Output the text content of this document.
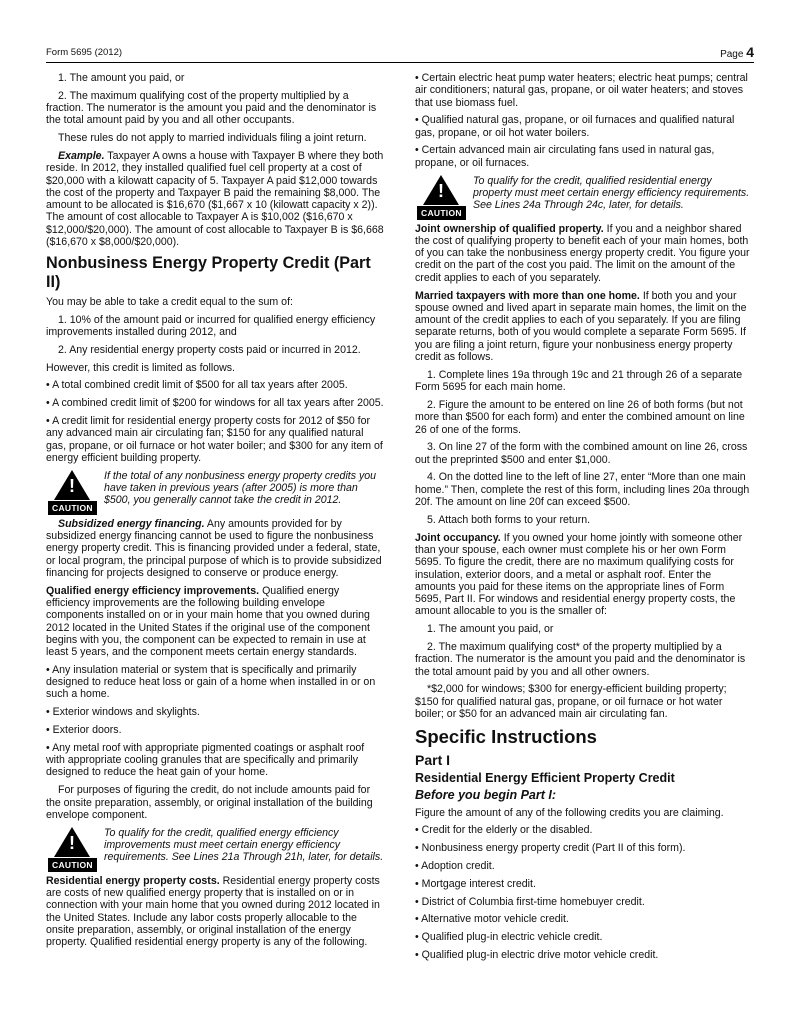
Form 5695 (2012)	Page 4

1. The amount you paid, or

2. The maximum qualifying cost of the property multiplied by a fraction. The numerator is the amount you paid and the denominator is the total amount paid by you and all other occupants.

These rules do not apply to married individuals filing a joint return.

Example. Taxpayer A owns a house with Taxpayer B where they both reside. In 2012, they installed qualified fuel cell property at a cost of $20,000 with a kilowatt capacity of 5. Taxpayer A paid $12,000 towards the cost of the property and Taxpayer B paid the remaining $8,000. The amount to be allocated is $16,670 ($1,667 x 10 (kilowatt capacity x 2)). The amount of cost allocable to Taxpayer A is $10,002 ($16,670 x $12,000/$20,000). The amount of cost allocable to Taxpayer B is $6,668 ($16,670 x $8,000/$20,000).

Nonbusiness Energy Property Credit (Part II)

You may be able to take a credit equal to the sum of:

1. 10% of the amount paid or incurred for qualified energy efficiency improvements installed during 2012, and

2. Any residential energy property costs paid or incurred in 2012.

However, this credit is limited as follows.

• A total combined credit limit of $500 for all tax years after 2005.

• A combined credit limit of $200 for windows for all tax years after 2005.

• A credit limit for residential energy property costs for 2012 of $50 for any advanced main air circulating fan; $150 for any qualified natural gas, propane, or oil furnace or hot water boiler; and $300 for any item of energy efficient building property.

!
CAUTION
If the total of any nonbusiness energy property credits you have taken in previous years (after 2005) is more than $500, you generally cannot take the credit in 2012.

Subsidized energy financing. Any amounts provided for by subsidized energy financing cannot be used to figure the nonbusiness energy property credit. This is financing provided under a federal, state, or local program, the principal purpose of which is to provide subsidized financing for projects designed to conserve or produce energy.

Qualified energy efficiency improvements. Qualified energy efficiency improvements are the following building envelope components installed on or in your main home that you owned during 2012 located in the United States if the original use of the component begins with you, the component can be expected to remain in use at least 5 years, and the component meets certain energy standards.

• Any insulation material or system that is specifically and primarily designed to reduce heat loss or gain of a home when installed in or on such a home.

• Exterior windows and skylights.

• Exterior doors.

• Any metal roof with appropriate pigmented coatings or asphalt roof with appropriate cooling granules that are specifically and primarily designed to reduce the heat gain of your home.

For purposes of figuring the credit, do not include amounts paid for the onsite preparation, assembly, or original installation of the building envelope component.

!
CAUTION
To qualify for the credit, qualified energy efficiency improvements must meet certain energy efficiency requirements. See Lines 21a Through 21h, later, for details.

Residential energy property costs. Residential energy property costs are costs of new qualified energy property that is installed on or in connection with your main home that you owned during 2012 located in the United States. Include any labor costs properly allocable to the onsite preparation, assembly, or original installation of the energy property. Qualified residential energy property is any of the following.

• Certain electric heat pump water heaters; electric heat pumps; central air conditioners; natural gas, propane, or oil water heaters; and stoves that use biomass fuel.

• Qualified natural gas, propane, or oil furnaces and qualified natural gas, propane, or oil hot water boilers.

• Certain advanced main air circulating fans used in natural gas, propane, or oil furnaces.

!
CAUTION
To qualify for the credit, qualified residential energy property must meet certain energy efficiency requirements. See Lines 24a Through 24c, later, for details.

Joint ownership of qualified property. If you and a neighbor shared the cost of qualifying property to benefit each of your main homes, both of you can take the nonbusiness energy property credit. You figure your credit on the part of the cost you paid. The limit on the amount of the credit applies to each of you separately.

Married taxpayers with more than one home. If both you and your spouse owned and lived apart in separate main homes, the limit on the amount of the credit applies to each of you separately. If you are filing separate returns, both of you would complete a separate Form 5695. If you are filing a joint return, figure your nonbusiness energy property credit as follows.

1. Complete lines 19a through 19c and 21 through 26 of a separate Form 5695 for each main home.

2. Figure the amount to be entered on line 26 of both forms (but not more than $500 for each form) and enter the combined amount on line 26 of one of the forms.

3. On line 27 of the form with the combined amount on line 26, cross out the preprinted $500 and enter $1,000.

4. On the dotted line to the left of line 27, enter “More than one main home.” Then, complete the rest of this form, including lines 20a through 20f. The amount on line 20f can exceed $500.

5. Attach both forms to your return.

Joint occupancy. If you owned your home jointly with someone other than your spouse, each owner must complete his or her own Form 5695. To figure the credit, there are no maximum qualifying costs for insulation, exterior doors, and a metal or asphalt roof. Enter the amounts you paid for these items on the appropriate lines of Form 5695, Part II. For windows and residential energy property costs, the amount allocable to you is the smaller of:

1. The amount you paid, or

2. The maximum qualifying cost* of the property multiplied by a fraction. The numerator is the amount you paid and the denominator is the total amount paid by you and all other owners.

*$2,000 for windows; $300 for energy-efficient building property; $150 for qualified natural gas, propane, or oil furnace or hot water boiler; or $50 for an advanced main air circulating fan.

Specific Instructions
Part I
Residential Energy Efficient Property Credit
Before you begin Part I:

Figure the amount of any of the following credits you are claiming.

• Credit for the elderly or the disabled.

• Nonbusiness energy property credit (Part II of this form).

• Adoption credit.

• Mortgage interest credit.

• District of Columbia first-time homebuyer credit.

• Alternative motor vehicle credit.

• Qualified plug-in electric vehicle credit.

• Qualified plug-in electric drive motor vehicle credit.
